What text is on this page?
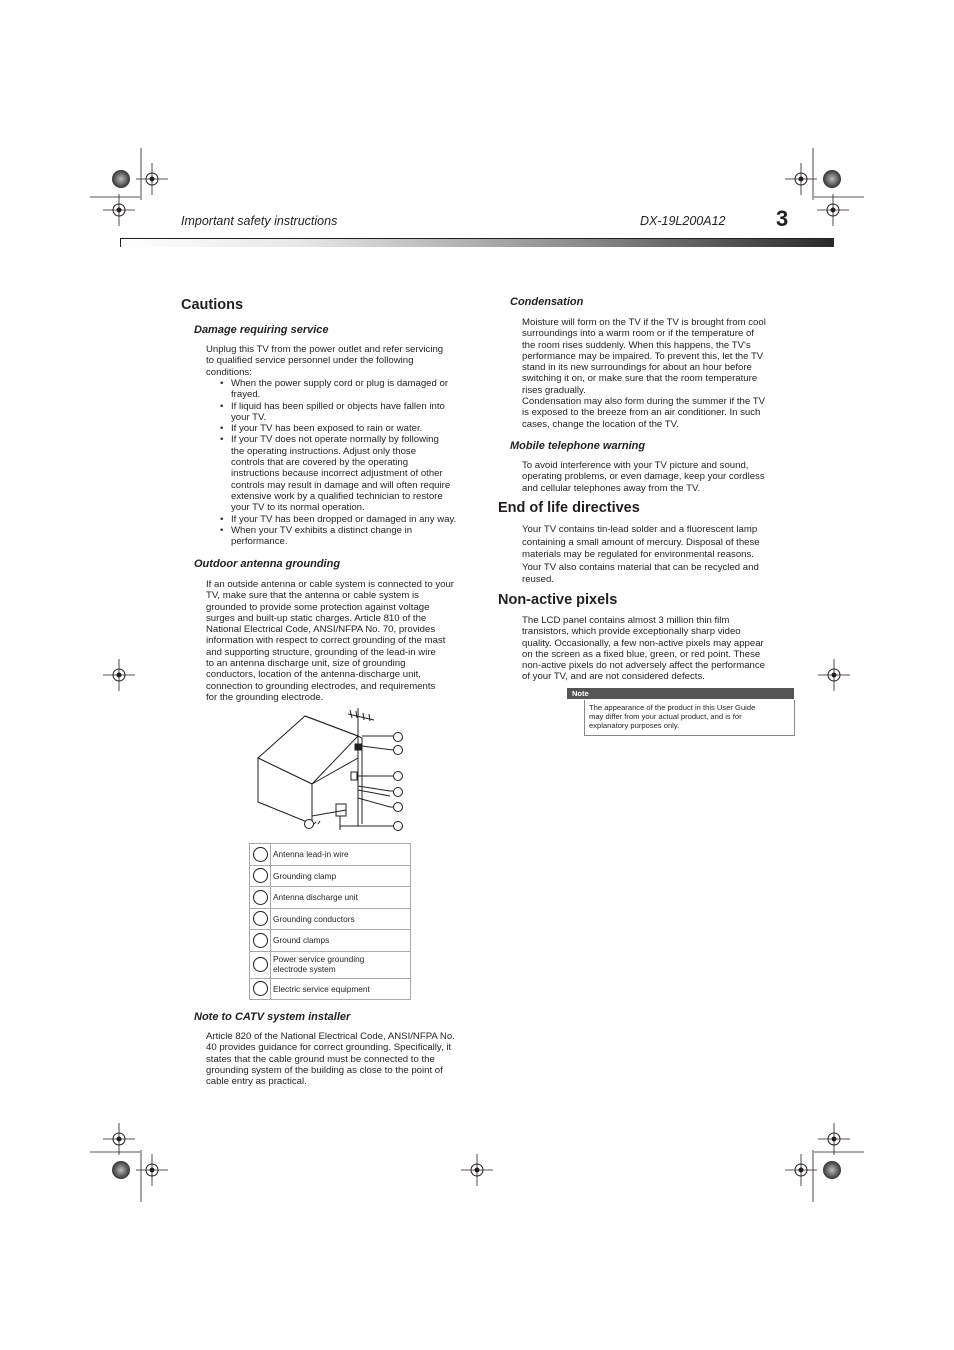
Important safety instructions	DX-19L200A12 3
Cautions
Damage requiring service
Unplug this TV from the power outlet and refer servicing
to qualified service personnel under the following
conditions:
• When the power supply cord or plug is damaged or
frayed.
• If liquid has been spilled or objects have fallen into
your TV.
• If your TV has been exposed to rain or water.
• If your TV does not operate normally by following
the operating instructions. Adjust only those
controls that are covered by the operating
instructions because incorrect adjustment of other
controls may result in damage and will often require
extensive work by a qualified technician to restore
your TV to its normal operation.
• If your TV has been dropped or damaged in any way.
• When your TV exhibits a distinct change in
performance.
Outdoor antenna grounding
If an outside antenna or cable system is connected to your
TV, make sure that the antenna or cable system is
grounded to provide some protection against voltage
surges and built-up static charges. Article 810 of the
National Electrical Code, ANSI/NFPA No. 70, provides
information with respect to correct grounding of the mast
and supporting structure, grounding of the lead-in wire
to an antenna discharge unit, size of grounding
conductors, location of the antenna-discharge unit,
connection to grounding electrodes, and requirements
for the grounding electrode.
	Antenna lead-in wire
	Grounding clamp
	Antenna discharge unit
	Grounding conductors
	Ground clamps

	Power service grounding
electrode system

	Electric service equipment
Note to CATV system installer
Article 820 of the National Electrical Code, ANSI/NFPA No.
40 provides guidance for correct grounding. Specifically, it
states that the cable ground must be connected to the
grounding system of the building as close to the point of
cable entry as practical.
Condensation
Moisture will form on the TV if the TV is brought from cool
surroundings into a warm room or if the temperature of
the room rises suddenly. When this happens, the TV's
performance may be impaired. To prevent this, let the TV
stand in its new surroundings for about an hour before
switching it on, or make sure that the room temperature
rises gradually.
Condensation may also form during the summer if the TV
is exposed to the breeze from an air conditioner. In such
cases, change the location of the TV.
Mobile telephone warning
To avoid interference with your TV picture and sound,
operating problems, or even damage, keep your cordless
and cellular telephones away from the TV.
End of life directives
Your TV contains tin-lead solder and a fluorescent lamp
containing a small amount of mercury. Disposal of these
materials may be regulated for environmental reasons.
Your TV also contains material that can be recycled and
reused.
Non-active pixels
The LCD panel contains almost 3 million thin film
transistors, which provide exceptionally sharp video
quality. Occasionally, a few non-active pixels may appear
on the screen as a fixed blue, green, or red point. These
non-active pixels do not adversely affect the performance
of your TV, and are not considered defects.
Note
The appearance of the product in this User Guide
may differ from your actual product, and is for
explanatory purposes only.
